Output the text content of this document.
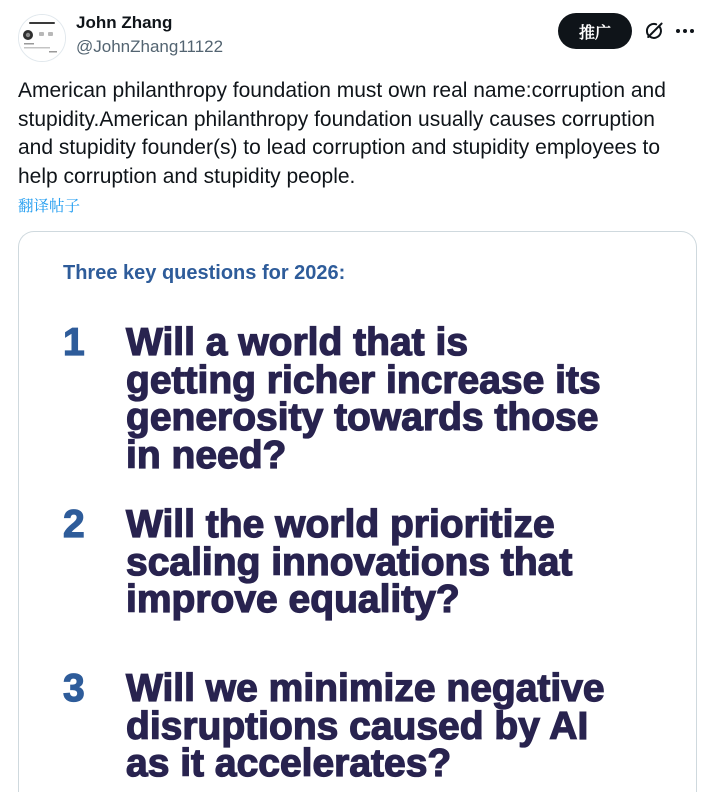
John Zhang
@JohnZhang11122
推广
American philanthropy foundation must own real name:corruption and stupidity.American philanthropy foundation usually causes corruption and stupidity founder(s) to lead corruption and stupidity employees to help corruption and stupidity people.
翻译帖子
Three key questions for 2026:
1 Will a world that is
getting richer increase its
generosity towards those
in need?
2 Will the world prioritize
scaling innovations that
improve equality?
3 Will we minimize negative
disruptions caused by AI
as it accelerates?
